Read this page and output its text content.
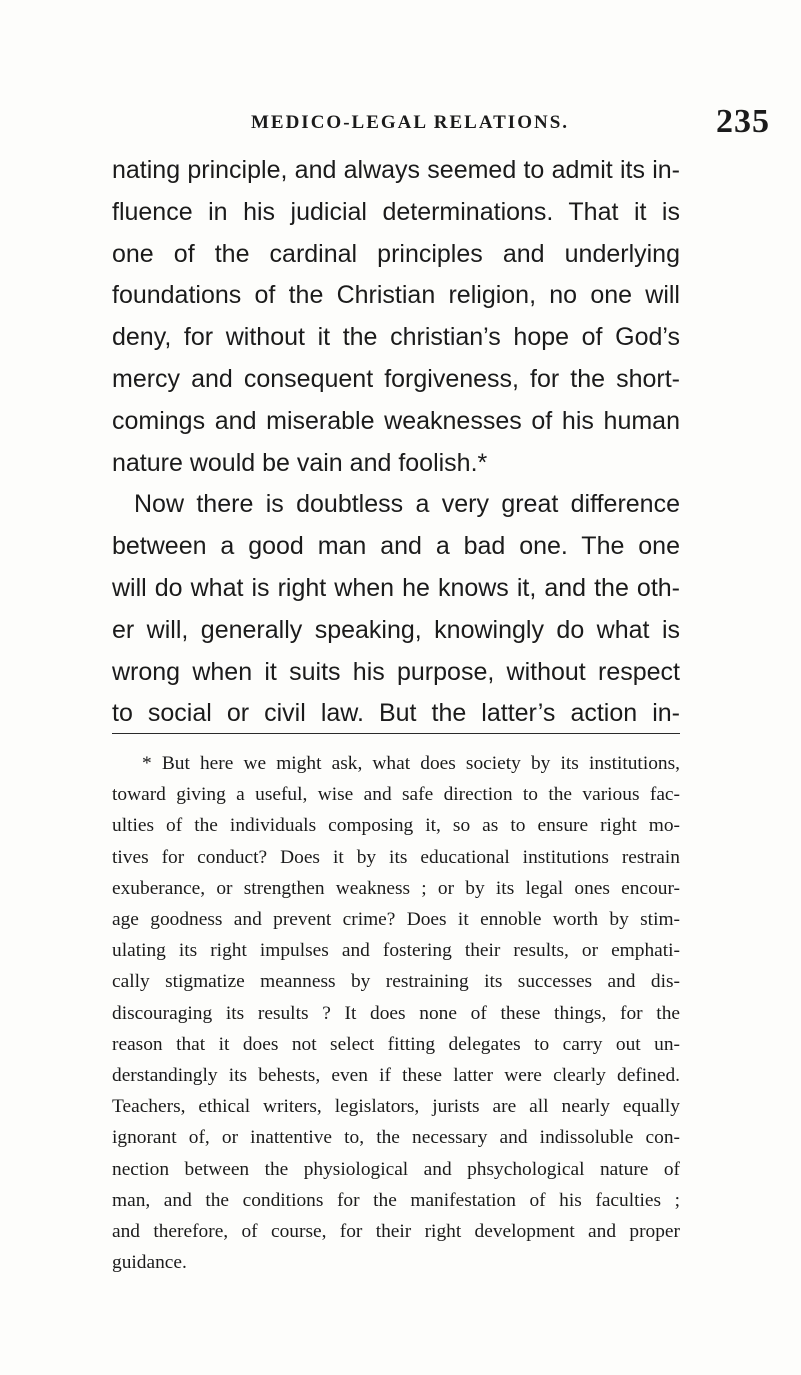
MEDICO-LEGAL RELATIONS.	235
nating principle, and always seemed to admit its in-
fluence in his judicial determinations. That it is
one of the cardinal principles and underlying
foundations of the Christian religion, no one will
deny, for without it the christian’s hope of God’s
mercy and consequent forgiveness, for the short-
comings and miserable weaknesses of his human
nature would be vain and foolish.*
Now there is doubtless a very great difference
between a good man and a bad one. The one
will do what is right when he knows it, and the oth-
er will, generally speaking, knowingly do what is
wrong when it suits his purpose, without respect
to social or civil law. But the latter’s action in-
* But here we might ask, what does society by its institutions,
toward giving a useful, wise and safe direction to the various fac-
ulties of the individuals composing it, so as to ensure right mo-
tives for conduct? Does it by its educational institutions restrain
exuberance, or strengthen weakness ; or by its legal ones encour-
age goodness and prevent crime? Does it ennoble worth by stim-
ulating its right impulses and fostering their results, or emphati-
cally stigmatize meanness by restraining its successes and dis-
discouraging its results ? It does none of these things, for the
reason that it does not select fitting delegates to carry out un-
derstandingly its behests, even if these latter were clearly defined.
Teachers, ethical writers, legislators, jurists are all nearly equally
ignorant of, or inattentive to, the necessary and indissoluble con-
nection between the physiological and phsychological nature of
man, and the conditions for the manifestation of his faculties ;
and therefore, of course, for their right development and proper
guidance.
